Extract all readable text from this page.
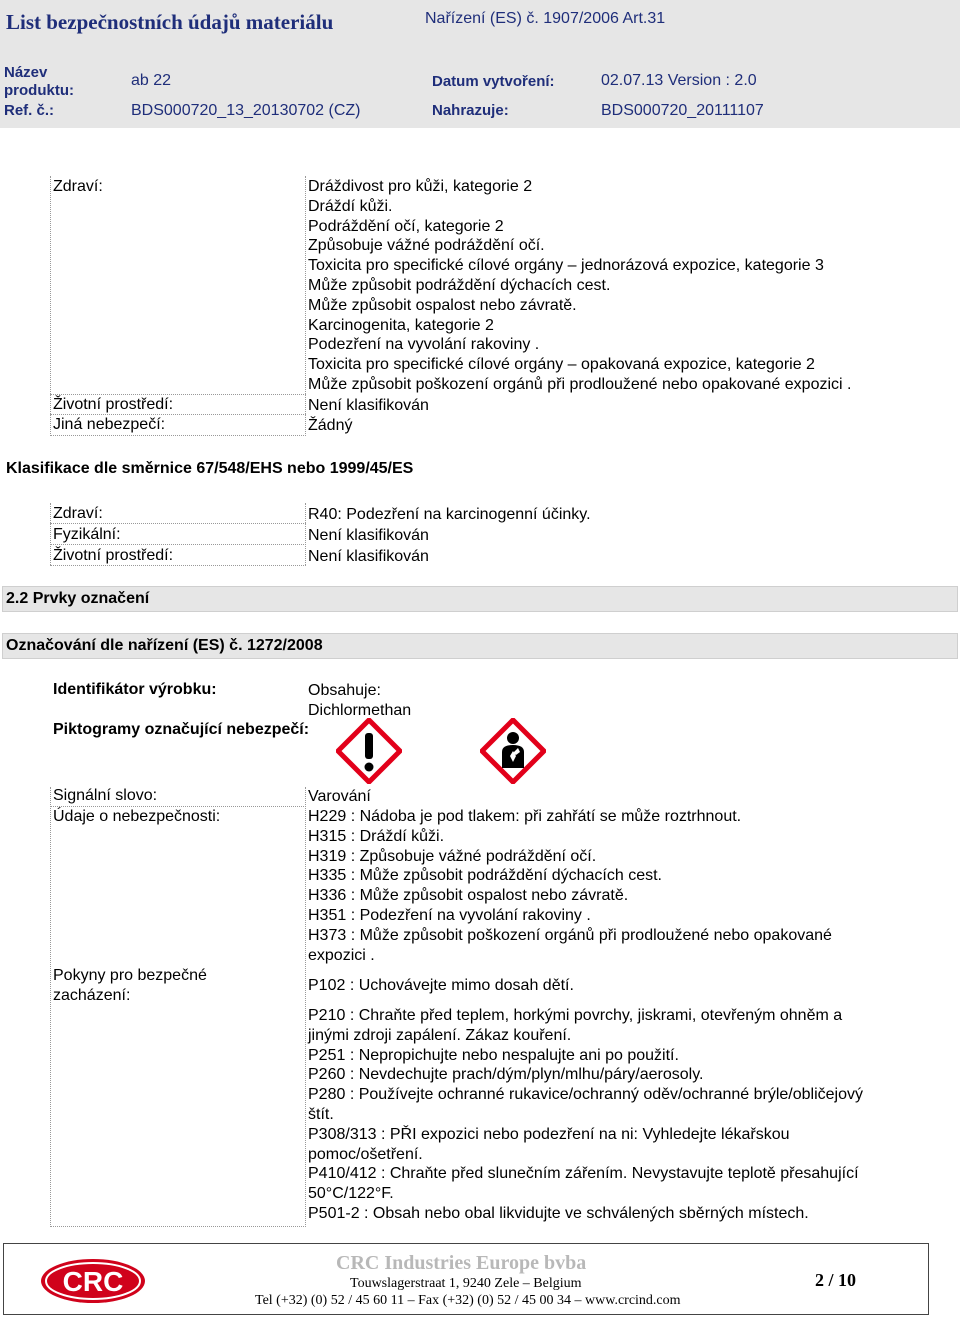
List bezpečnostních údajů materiálu	Nařízení (ES) č. 1907/2006 Art.31
Název
produktu:
ab 22
Ref. č.:	BDS000720_13_20130702 (CZ)
Datum vytvoření:	02.07.13 Version : 2.0
Nahrazuje:	BDS000720_20111107
Zdraví:	Dráždivost pro kůži, kategorie 2
Dráždí kůži.
Podráždění očí, kategorie 2
Způsobuje vážné podráždění očí.
Toxicita pro specifické cílové orgány – jednorázová expozice, kategorie 3
Může způsobit podráždění dýchacích cest.
Může způsobit ospalost nebo závratě.
Karcinogenita, kategorie 2
Podezření na vyvolání rakoviny .
Toxicita pro specifické cílové orgány – opakovaná expozice, kategorie 2
Může způsobit poškození orgánů při prodloužené nebo opakované expozici .
Životní prostředí:	Není klasifikován
Jiná nebezpečí:	Žádný
Klasifikace dle směrnice 67/548/EHS nebo 1999/45/ES
Zdraví:	R40: Podezření na karcinogenní účinky.
Fyzikální:	Není klasifikován
Životní prostředí:	Není klasifikován
2.2 Prvky označení
Označování dle nařízení (ES) č. 1272/2008
Identifikátor výrobku:	Obsahuje:
Dichlormethan
Piktogramy označující nebezpečí:
Signální slovo:	Varování
Údaje o nebezpečnosti:	H229 : Nádoba je pod tlakem: při zahřátí se může roztrhnout.
H315 : Dráždí kůži.
H319 : Způsobuje vážné podráždění očí.
H335 : Může způsobit podráždění dýchacích cest.
H336 : Může způsobit ospalost nebo závratě.
H351 : Podezření na vyvolání rakoviny .
H373 : Může způsobit poškození orgánů při prodloužené nebo opakované
expozici .
Pokyny pro bezpečné
zacházení:
P102 : Uchovávejte mimo dosah dětí.
P210 : Chraňte před teplem, horkými povrchy, jiskrami, otevřeným ohněm a
jinými zdroji zapálení. Zákaz kouření.
P251 : Nepropichujte nebo nespalujte ani po použití.
P260 : Nevdechujte prach/dým/plyn/mlhu/páry/aerosoly.
P280 : Používejte ochranné rukavice/ochranný oděv/ochranné brýle/obličejový
štít.
P308/313 : PŘI expozici nebo podezření na ni: Vyhledejte lékařskou
pomoc/ošetření.
P410/412 : Chraňte před slunečním zářením. Nevystavujte teplotě přesahující
50°C/122°F.
P501-2 : Obsah nebo obal likvidujte ve schválených sběrných místech.
CRC
CRC Industries Europe bvba
Touwslagerstraat 1, 9240 Zele – Belgium
Tel (+32) (0) 52 / 45 60 11 – Fax (+32) (0) 52 / 45 00 34 – www.crcind.com
2 / 10
